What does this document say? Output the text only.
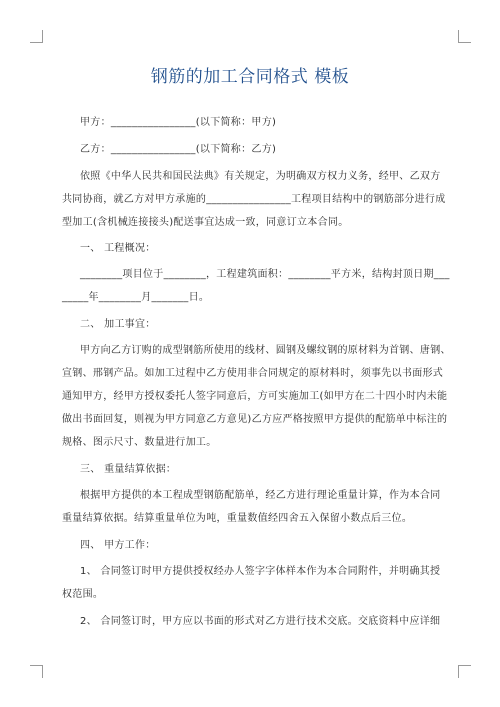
钢筋的加工合同格式 模板
甲方：________________(以下简称：甲方)
乙方：________________(以下简称：乙方)
依照《中华人民共和国民法典》有关规定，为明确双方权力义务，经甲、乙双方
共同协商，就乙方对甲方承施的________________工程项目结构中的钢筋部分进行成
型加工(含机械连接接头)配送事宜达成一致，同意订立本合同。
一、 工程概况：
________项目位于________，工程建筑面积：________平方米，结构封顶日期___
_____年________月_______日。
二、 加工事宜：
甲方向乙方订购的成型钢筋所使用的线材、圆钢及螺纹钢的原材料为首钢、唐钢、
宣钢、邢钢产品。如加工过程中乙方使用非合同规定的原材料时，须事先以书面形式
通知甲方，经甲方授权委托人签字同意后，方可实施加工(如甲方在二十四小时内未能
做出书面回复，则视为甲方同意乙方意见)乙方应严格按照甲方提供的配筋单中标注的
规格、图示尺寸、数量进行加工。
三、 重量结算依据：
根据甲方提供的本工程成型钢筋配筋单，经乙方进行理论重量计算，作为本合同
重量结算依据。结算重量单位为吨，重量数值经四舍五入保留小数点后三位。
四、 甲方工作：
1、 合同签订时甲方提供授权经办人签字字体样本作为本合同附件，并明确其授
权范围。
2、 合同签订时，甲方应以书面的形式对乙方进行技术交底。交底资料中应详细
